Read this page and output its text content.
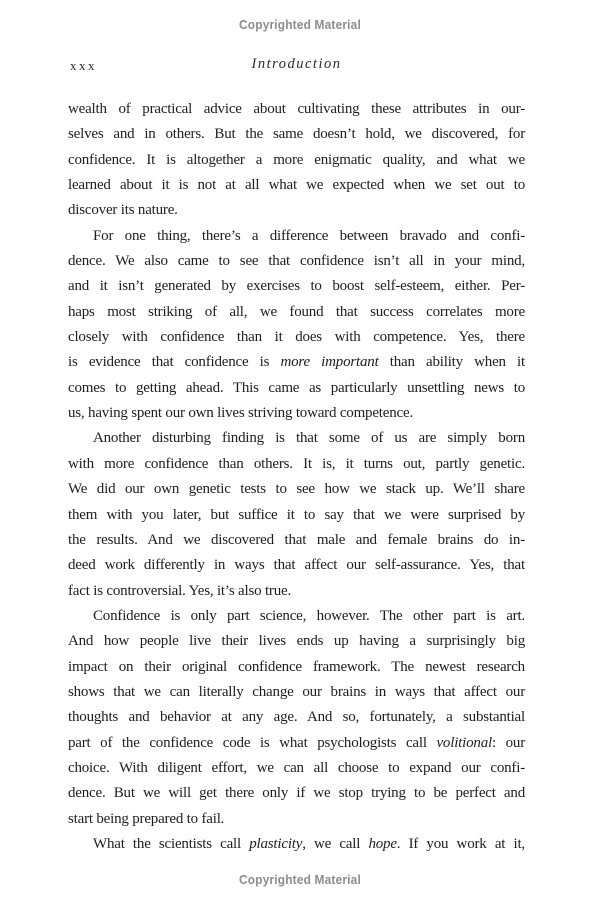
Copyrighted Material
xxx	Introduction
wealth of practical advice about cultivating these attributes in our-
selves and in others. But the same doesn’t hold, we discovered, for
confidence. It is altogether a more enigmatic quality, and what we
learned about it is not at all what we expected when we set out to
discover its nature.
For one thing, there’s a difference between bravado and confi-
dence. We also came to see that confidence isn’t all in your mind,
and it isn’t generated by exercises to boost self-esteem, either. Per-
haps most striking of all, we found that success correlates more
closely with confidence than it does with competence. Yes, there
is evidence that confidence is more important than ability when it
comes to getting ahead. This came as particularly unsettling news to
us, having spent our own lives striving toward competence.
Another disturbing finding is that some of us are simply born
with more confidence than others. It is, it turns out, partly genetic.
We did our own genetic tests to see how we stack up. We’ll share
them with you later, but suffice it to say that we were surprised by
the results. And we discovered that male and female brains do in-
deed work differently in ways that affect our self-assurance. Yes, that
fact is controversial. Yes, it’s also true.
Confidence is only part science, however. The other part is art.
And how people live their lives ends up having a surprisingly big
impact on their original confidence framework. The newest research
shows that we can literally change our brains in ways that affect our
thoughts and behavior at any age. And so, fortunately, a substantial
part of the confidence code is what psychologists call volitional: our
choice. With diligent effort, we can all choose to expand our confi-
dence. But we will get there only if we stop trying to be perfect and
start being prepared to fail.
What the scientists call plasticity, we call hope. If you work at it,
Copyrighted Material
